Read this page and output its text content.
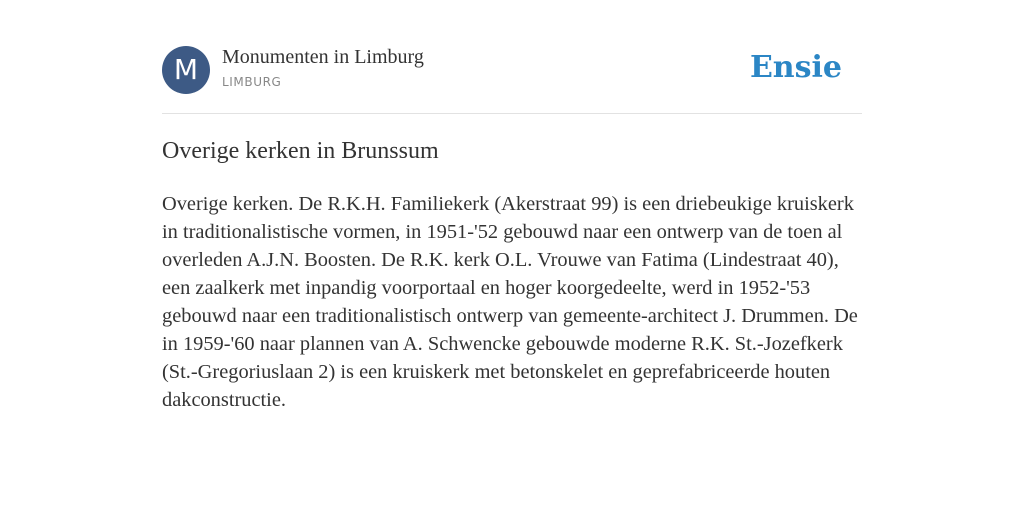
M	Monumenten in Limburg
LIMBURG	Ensie
Overige kerken in Brunssum

Overige kerken. De R.K.H. Familiekerk (Akerstraat 99) is een driebeukige kruiskerk in traditionalistische vormen, in 1951-'52 gebouwd naar een ontwerp van de toen al overleden A.J.N. Boosten. De R.K. kerk O.L. Vrouwe van Fatima (Lindestraat 40), een zaalkerk met inpandig voorportaal en hoger koorgedeelte, werd in 1952-'53 gebouwd naar een traditionalistisch ontwerp van gemeente-architect J. Drummen. De in 1959-'60 naar plannen van A. Schwencke gebouwde moderne R.K. St.-Jozefkerk (St.-Gregoriuslaan 2) is een kruiskerk met betonskelet en geprefabriceerde houten dakconstructie.
